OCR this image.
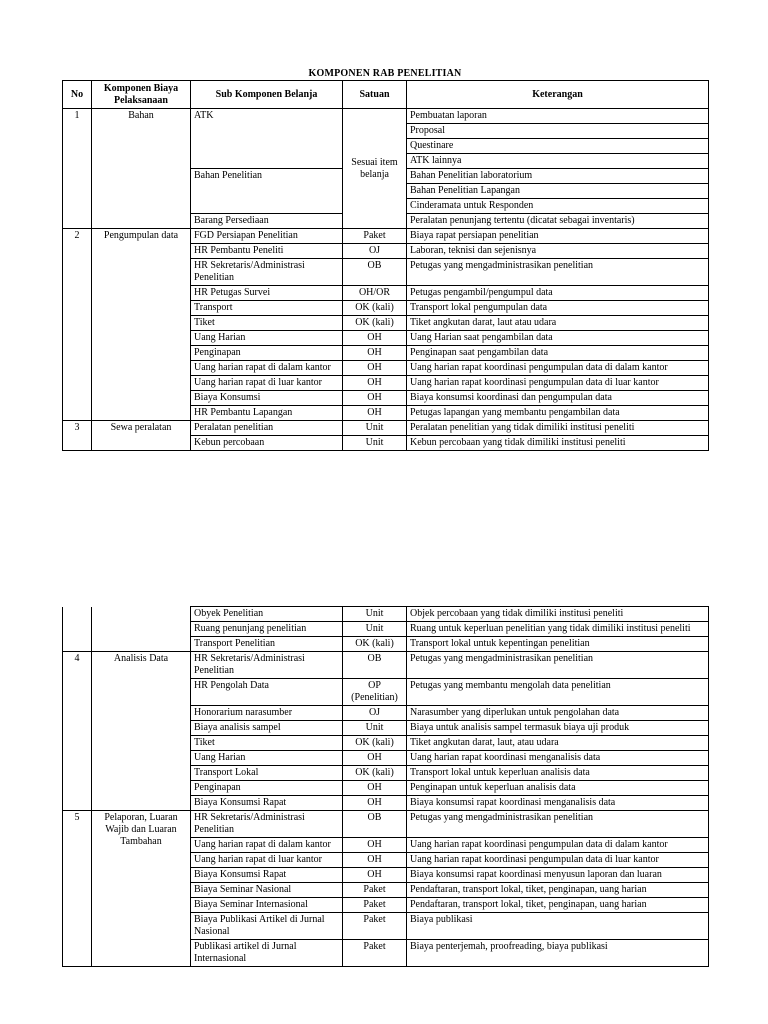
KOMPONEN RAB PENELITIAN
No	Komponen Biaya Pelaksanaan	Sub Komponen Belanja	Satuan	Keterangan
1	Bahan	ATK	Sesuai item belanja	Pembuatan laporan
				Proposal
				Questinare
				ATK lainnya
		Bahan Penelitian		Bahan Penelitian laboratorium
				Bahan Penelitian Lapangan
				Cinderamata untuk Responden
		Barang Persediaan		Peralatan penunjang tertentu (dicatat sebagai inventaris)
2	Pengumpulan data	FGD Persiapan Penelitian	Paket	Biaya rapat persiapan penelitian
		HR Pembantu Peneliti	OJ	Laboran, teknisi dan sejenisnya
		HR Sekretaris/Administrasi Penelitian	OB	Petugas yang mengadministrasikan penelitian
		HR Petugas Survei	OH/OR	Petugas pengambil/pengumpul data
		Transport	OK (kali)	Transport lokal pengumpulan data
		Tiket	OK (kali)	Tiket angkutan darat, laut atau udara
		Uang Harian	OH	Uang Harian saat pengambilan data
		Penginapan	OH	Penginapan saat pengambilan data
		Uang harian rapat di dalam kantor	OH	Uang harian rapat koordinasi pengumpulan data di dalam kantor
		Uang harian rapat di luar kantor	OH	Uang harian rapat koordinasi pengumpulan data di luar kantor
		Biaya Konsumsi	OH	Biaya konsumsi koordinasi dan pengumpulan data
		HR Pembantu Lapangan	OH	Petugas lapangan yang membantu pengambilan data
3	Sewa peralatan	Peralatan penelitian	Unit	Peralatan penelitian yang tidak dimiliki institusi peneliti
		Kebun percobaan	Unit	Kebun percobaan yang tidak dimiliki institusi peneliti
		Obyek Penelitian	Unit	Objek percobaan yang tidak dimiliki institusi peneliti
		Ruang penunjang penelitian	Unit	Ruang untuk keperluan penelitian yang tidak dimiliki institusi peneliti
		Transport Penelitian	OK (kali)	Transport lokal untuk kepentingan penelitian
4	Analisis Data	HR Sekretaris/Administrasi Penelitian	OB	Petugas yang mengadministrasikan penelitian
		HR Pengolah Data	OP (Penelitian)	Petugas yang membantu mengolah data penelitian
		Honorarium narasumber	OJ	Narasumber yang diperlukan untuk pengolahan data
		Biaya analisis sampel	Unit	Biaya untuk analisis sampel termasuk biaya uji produk
		Tiket	OK (kali)	Tiket angkutan darat, laut, atau udara
		Uang Harian	OH	Uang harian rapat koordinasi menganalisis data
		Transport Lokal	OK (kali)	Transport lokal untuk keperluan analisis data
		Penginapan	OH	Penginapan untuk keperluan analisis data
		Biaya Konsumsi Rapat	OH	Biaya konsumsi rapat koordinasi menganalisis data
5	Pelaporan, Luaran Wajib dan Luaran Tambahan	HR Sekretaris/Administrasi Penelitian	OB	Petugas yang mengadministrasikan penelitian
		Uang harian rapat di dalam kantor	OH	Uang harian rapat koordinasi pengumpulan data di dalam kantor
		Uang harian rapat di luar kantor	OH	Uang harian rapat koordinasi pengumpulan data di luar kantor
		Biaya Konsumsi Rapat	OH	Biaya konsumsi rapat koordinasi menyusun laporan dan luaran
		Biaya Seminar Nasional	Paket	Pendaftaran, transport lokal, tiket, penginapan, uang harian
		Biaya Seminar Internasional	Paket	Pendaftaran, transport lokal, tiket, penginapan, uang harian
		Biaya Publikasi Artikel di Jurnal Nasional	Paket	Biaya publikasi
		Publikasi artikel di Jurnal Internasional	Paket	Biaya penterjemah, proofreading, biaya publikasi
